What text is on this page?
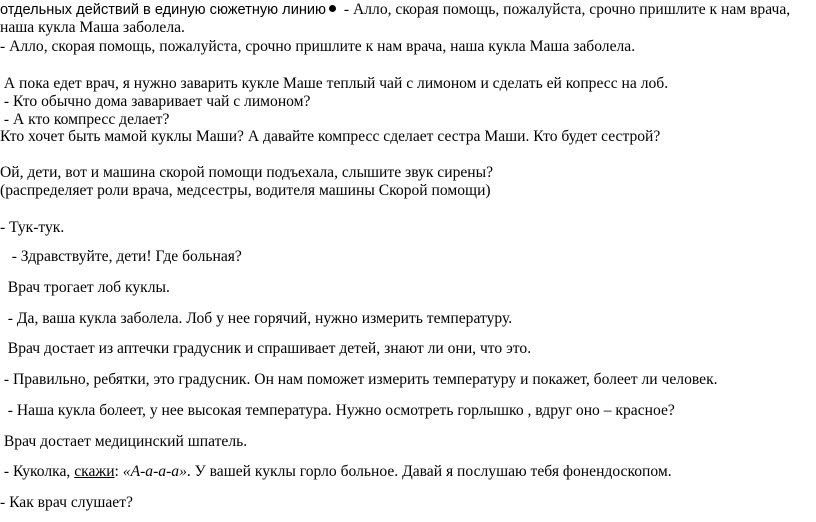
отдельных действий в единую сюжетную линию - Алло, скорая помощь, пожалуйста, срочно пришлите к нам врача,
наша кукла Маша заболела.
- Алло, скорая помощь, пожалуйста, срочно пришлите к нам врача, наша кукла Маша заболела.
А пока едет врач, я нужно заварить кукле Маше теплый чай с лимоном и сделать ей копресс на лоб.
- Кто обычно дома заваривает чай с лимоном?
- А кто компресс делает?
Кто хочет быть мамой куклы Маши? А давайте компресс сделает сестра Маши. Кто будет сестрой?
Ой, дети, вот и машина скорой помощи подъехала, слышите звук сирены?
(распределяет роли врача, медсестры, водителя машины Скорой помощи)
- Тук-тук.
- Здравствуйте, дети! Где больная?
Врач трогает лоб куклы.
- Да, ваша кукла заболела. Лоб у нее горячий, нужно измерить температуру.
Врач достает из аптечки градусник и спрашивает детей, знают ли они, что это.
- Правильно, ребятки, это градусник. Он нам поможет измерить температуру и покажет, болеет ли человек.
- Наша кукла болеет, у нее высокая температура. Нужно осмотреть горлышко , вдруг оно – красное?
Врач достает медицинский шпатель.
- Куколка, скажи: «А-а-а-а». У вашей куклы горло больное. Давай я послушаю тебя фонендоскопом.
- Как врач слушает?
